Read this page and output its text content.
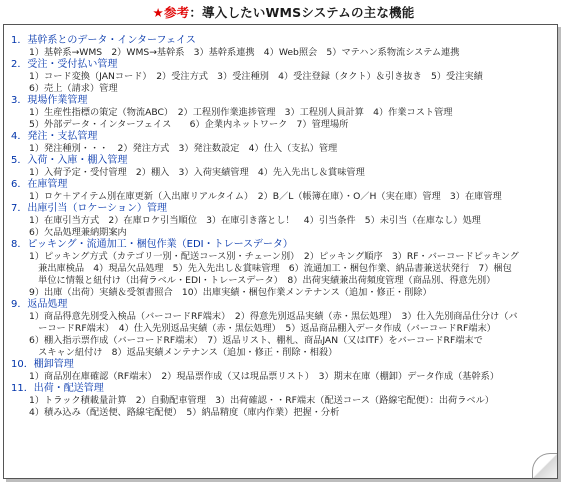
★参考：導入したいWMSシステムの主な機能
1．基幹系とのデータ・インターフェイス
1）基幹系→WMS　2）WMS→基幹系　3）基幹系連携　4）Web照会　5）マテハン系物流システム連携
2．受注・受付払い管理
1）コード変換（JANコード）　2）受注方式　3）受注種別　4）受注登録（タクト）＆引き抜き　5）受注実績
6）売上（請求）管理
3．現場作業管理
1）生産性指標の策定（物流ABC）　2）工程別作業進捗管理　3）工程別人員計算　4）作業コスト管理
5）外部データ・インターフェイス　　6）企業内ネットワーク　7）管理場所
4．発注・支払管理
1）発注種別・・・　2）発注方式　3）発注数設定　4）仕入（支払）管理
5．入荷・入庫・棚入管理
1）入荷予定・受付管理　2）棚入　3）入荷実績管理　4）先入先出し＆賞味管理
6．在庫管理
1）ロケ＋アイテム別在庫更新（入出庫リアルタイム）　2）B／L（帳簿在庫）・O／H（実在庫）管理　3）在庫管理
7．出庫引当（ロケーション）管理
1）在庫引当方式　2）在庫ロケ引当順位　3）在庫引き落とし！　4）引当条件　5）未引当（在庫なし）処理
6）欠品処理兼納期案内
8．ピッキング・流通加工・梱包作業（EDI・トレースデータ）
1）ピッキング方式（カテゴリ一別・配送コース別・チェーン別）　2）ピッキング順序　3）RF・バーコードピッキング
　兼出庫検品　4）現品欠品処理　5）先入先出し＆賞味管理　6）流通加工・梱包作業、納品書兼送状発行　7）梱包
　単位に情報と紐付け（出荷ラベル・EDI・トレースデータ）　8）出荷実績兼出荷頻度管理（商品別、得意先別）
9）出庫（出荷）実績＆受領書照合　10）出庫実績・梱包作業メンテナンス（追加・修正・削除）
9．返品処理
1）商品得意先別受入検品（バーコードRF端末）　2）得意先別返品実績（赤・黒伝処理）　3）仕入先別商品仕分け（バ
　ーコードRF端末）　4）仕入先別返品実績（赤・黒伝処理）　5）返品商品棚入データ作成（バーコードRF端末）
6）棚入指示票作成（バーコードRF端末）　7）返品リスト、棚札、商品JAN（又はITF）をバーコードRF端末で
　スキャン紐付け　8）返品実績メンテナンス（追加・修正・削除・相殺）
10．棚卸管理
1）商品別在庫確認（RF端末）　2）現品票作成（又は現品票リスト）　3）期末在庫（棚卸）データ作成（基幹系）
11．出荷・配送管理
1）トラック積載量計算　2）自動配車管理　3）出荷確認・・RF端末（配送コース（路線宅配便）：出荷ラベル）
4）積み込み（配送便、路線宅配便）　5）納品精度（庫内作業）把握・分析
